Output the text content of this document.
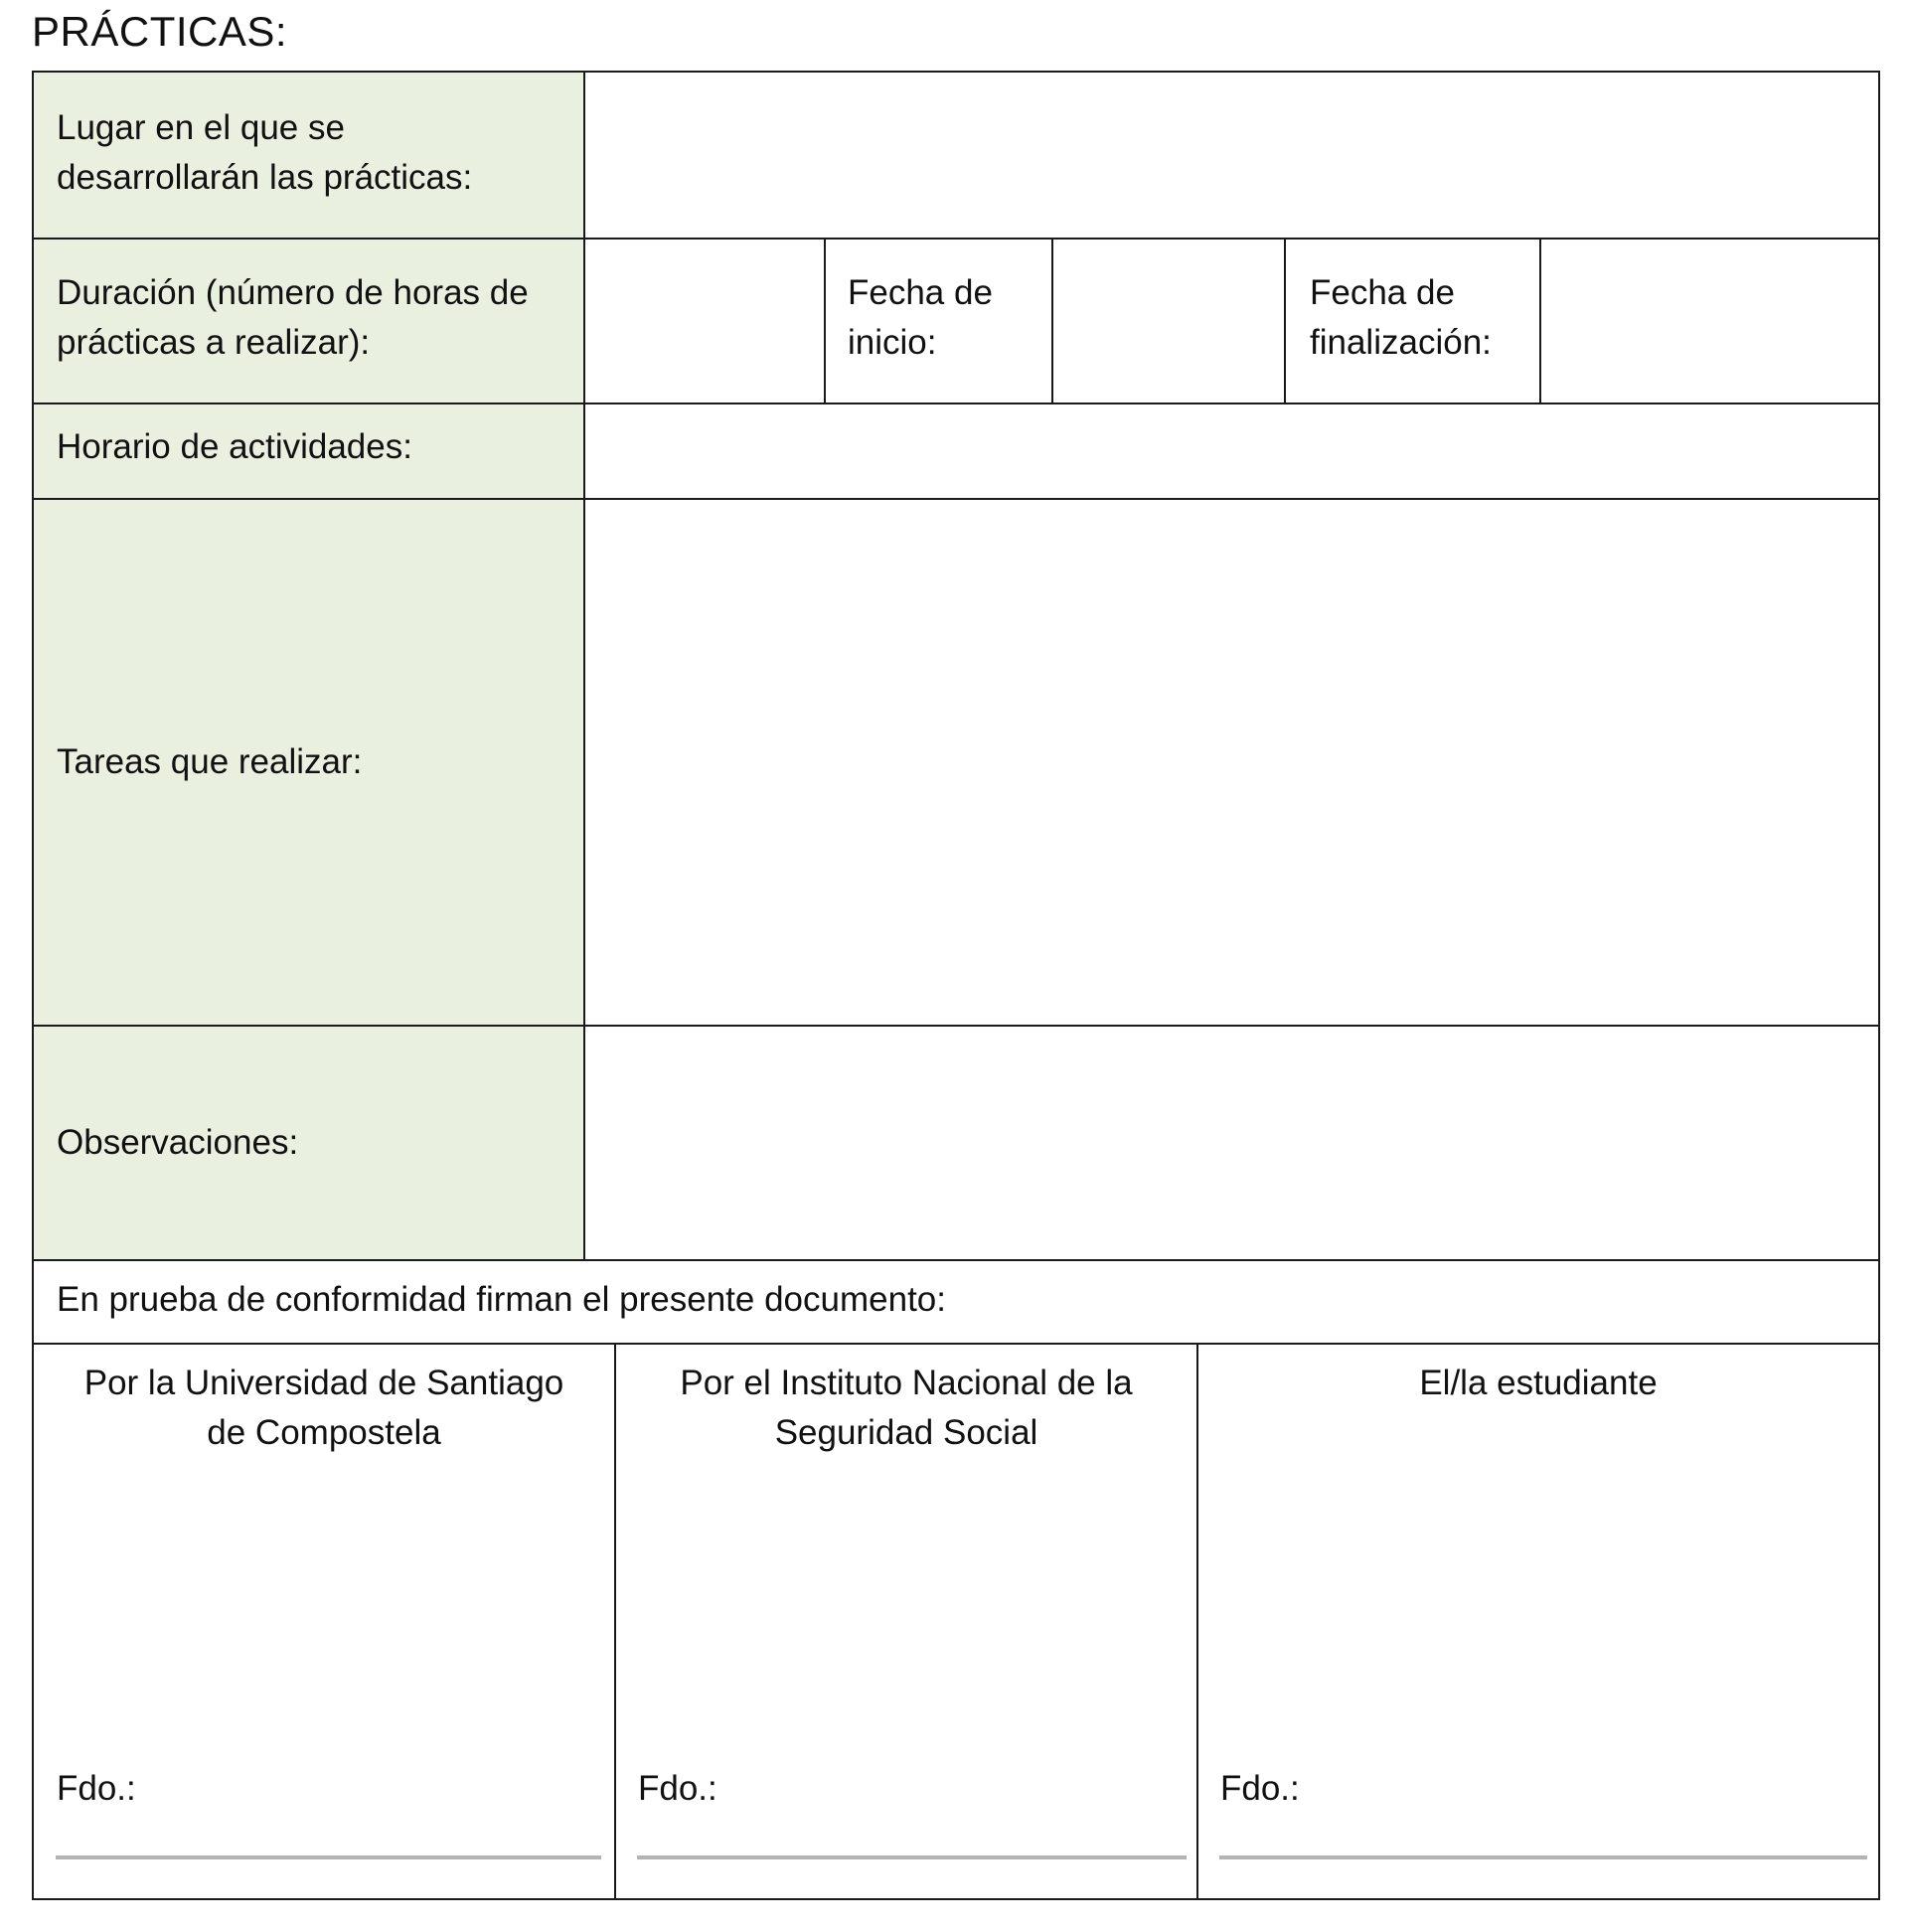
PRÁCTICAS:
Lugar en el que se
desarrollarán las prácticas:
Duración (número de horas de
prácticas a realizar):
Fecha de
inicio:
Fecha de
finalización:
Horario de actividades:
Tareas que realizar:
Observaciones:
En prueba de conformidad firman el presente documento:
Por la Universidad de Santiago
de Compostela
Fdo.:
Por el Instituto Nacional de la
Seguridad Social
Fdo.:
El/la estudiante
Fdo.:
